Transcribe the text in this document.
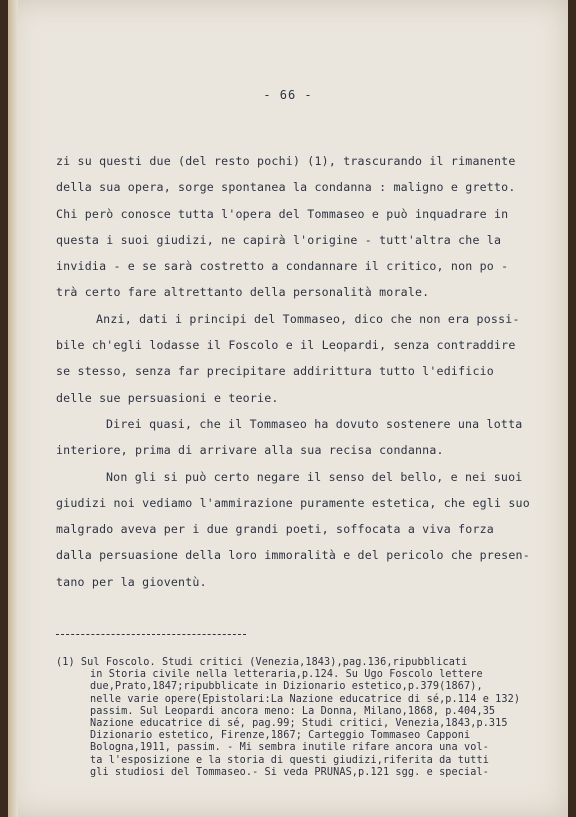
- 66 -
zi su questi due (del resto pochi) (1), trascurando il rimanente
della sua opera, sorge spontanea la condanna : maligno e gretto.
Chi però conosce tutta l'opera del Tommaseo e può inquadrare in
questa i suoi giudizi, ne capirà l'origine - tutt'altra che la
invidia - e se sarà costretto a condannare il critico, non po -
trà certo fare altrettanto della personalità morale.
Anzi, dati i principi del Tommaseo, dico che non era possi-
bile ch'egli lodasse il Foscolo e il Leopardi, senza contraddire
se stesso, senza far precipitare addirittura tutto l'edificio
delle sue persuasioni e teorie.
Direi quasi, che il Tommaseo ha dovuto sostenere una lotta
interiore, prima di arrivare alla sua recisa condanna.
Non gli si può certo negare il senso del bello, e nei suoi
giudizi noi vediamo l'ammirazione puramente estetica, che egli suo
malgrado aveva per i due grandi poeti, soffocata a viva forza
dalla persuasione della loro immoralità e del pericolo che presen-
tano per la gioventù.
(1) Sul Foscolo. Studi critici (Venezia,1843),pag.136,ripubblicati
in Storia civile nella letteraria,p.124. Su Ugo Foscolo lettere
due,Prato,1847;ripubblicate in Dizionario estetico,p.379(1867),
nelle varie opere(Epistolari:La Nazione educatrice di sé,p.114 e 132)
passim. Sul Leopardi ancora meno: La Donna, Milano,1868, p.404,35
Nazione educatrice di sé, pag.99; Studi critici, Venezia,1843,p.315
Dizionario estetico, Firenze,1867; Carteggio Tommaseo Capponi
Bologna,1911, passim. - Mi sembra inutile rifare ancora una vol-
ta l'esposizione e la storia di questi giudizi,riferita da tutti
gli studiosi del Tommaseo.- Si veda PRUNAS,p.121 sgg. e special-
